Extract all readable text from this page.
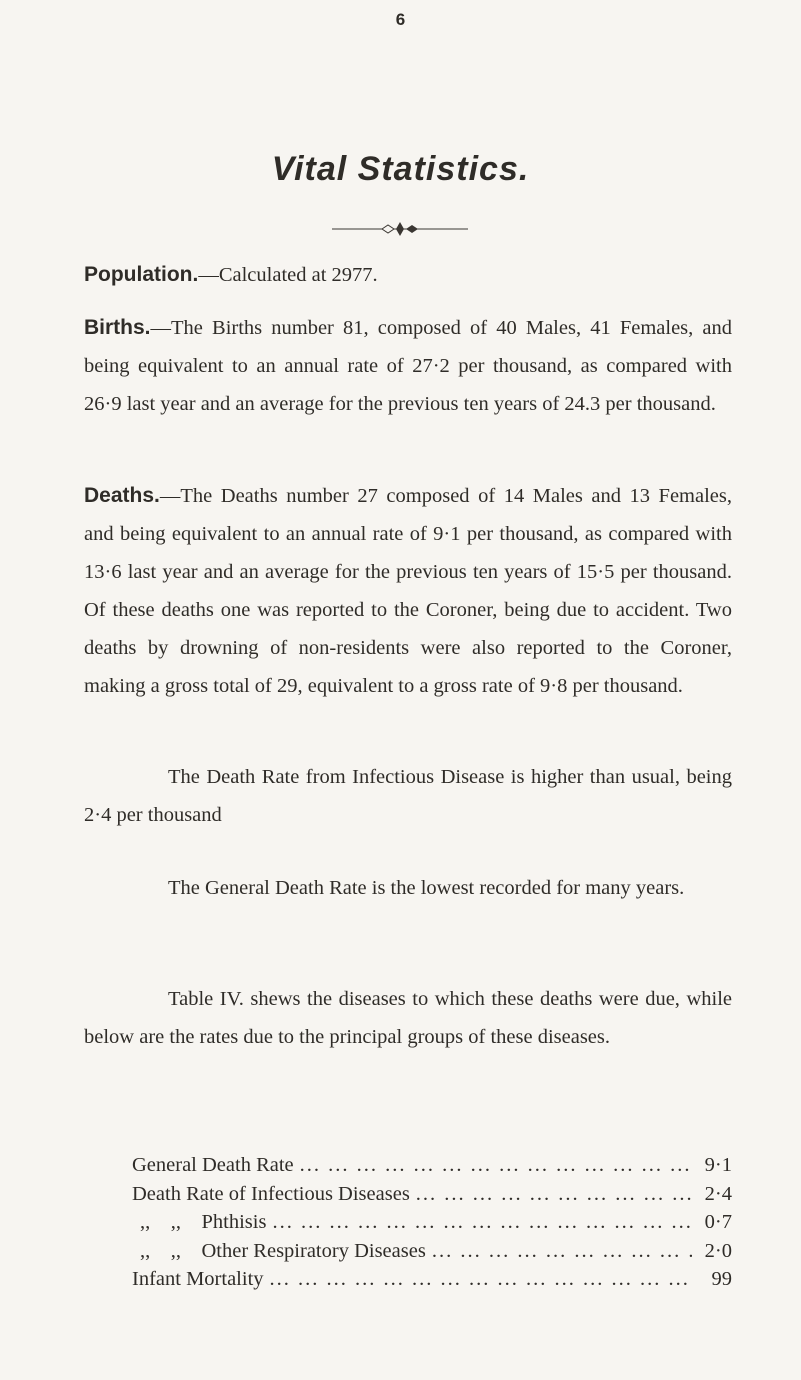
6
Vital Statistics.
Population.—Calculated at 2977.
Births.—The Births number 81, composed of 40 Males, 41 Females, and being equivalent to an annual rate of 27·2 per thousand, as compared with 26·9 last year and an average for the previous ten years of 24.3 per thousand.
Deaths.—The Deaths number 27 composed of 14 Males and 13 Females, and being equivalent to an annual rate of 9·1 per thousand, as compared with 13·6 last year and an average for the previous ten years of 15·5 per thousand. Of these deaths one was reported to the Coroner, being due to accident. Two deaths by drowning of non-residents were also reported to the Coroner, making a gross total of 29, equivalent to a gross rate of 9·8 per thousand.
The Death Rate from Infectious Disease is higher than usual, being 2·4 per thousand
The General Death Rate is the lowest recorded for many years.
Table IV. shews the diseases to which these deaths were due, while below are the rates due to the principal groups of these diseases.
General Death Rate ... .	9·1
Death Rate of Infectious Diseases ... .	2·4
,,    ,,    Phthisis ... .	0·7
,,    ,,    Other Respiratory Diseases ... .	2·0
Infant Mortality ... .	99
